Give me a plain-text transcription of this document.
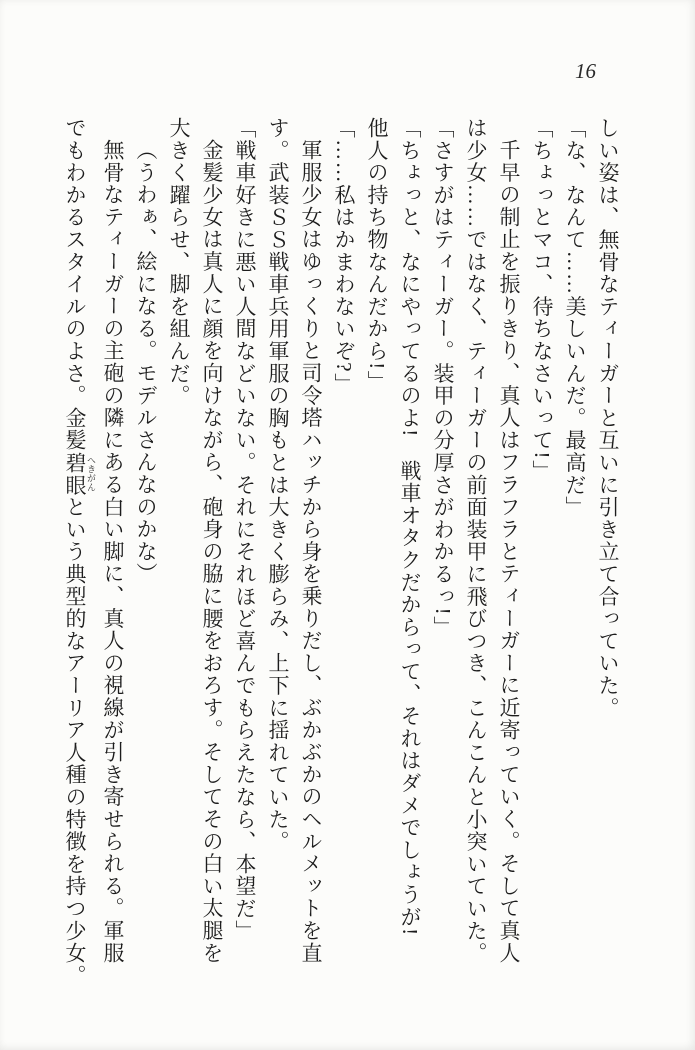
16
しい姿は、無骨なティーガーと互いに引き立て合っていた。
「な、なんて……美しいんだ。最高だ」
「ちょっとマコ、待ちなさいって!」
千早の制止を振りきり、真人はフラフラとティーガーに近寄っていく。そして真人
は少女……ではなく、ティーガーの前面装甲に飛びつき、こんこんと小突いていた。
「さすがはティーガー。装甲の分厚さがわかるっ!」
「ちょっと、なにやってるのよ!　戦車オタクだからって、それはダメでしょうが!
他人の持ち物なんだから!」
「……私はかまわないぞ?」
軍服少女はゆっくりと司令塔ハッチから身を乗りだし、ぶかぶかのヘルメットを直
す。武装ＳＳ戦車兵用軍服の胸もとは大きく膨らみ、上下に揺れていた。
「戦車好きに悪い人間などいない。それにそれほど喜んでもらえたなら、本望だ」
金髪少女は真人に顔を向けながら、砲身の脇に腰をおろす。そしてその白い太腿を
大きく躍らせ、脚を組んだ。
（うわぁ、絵になる。モデルさんなのかな）
無骨なティーガーの主砲の隣にある白い脚に、真人の視線が引き寄せられる。軍服
でもわかるスタイルのよさ。金髪碧眼 へきがんという典型的なアーリア人種の特徴を持つ少女。
